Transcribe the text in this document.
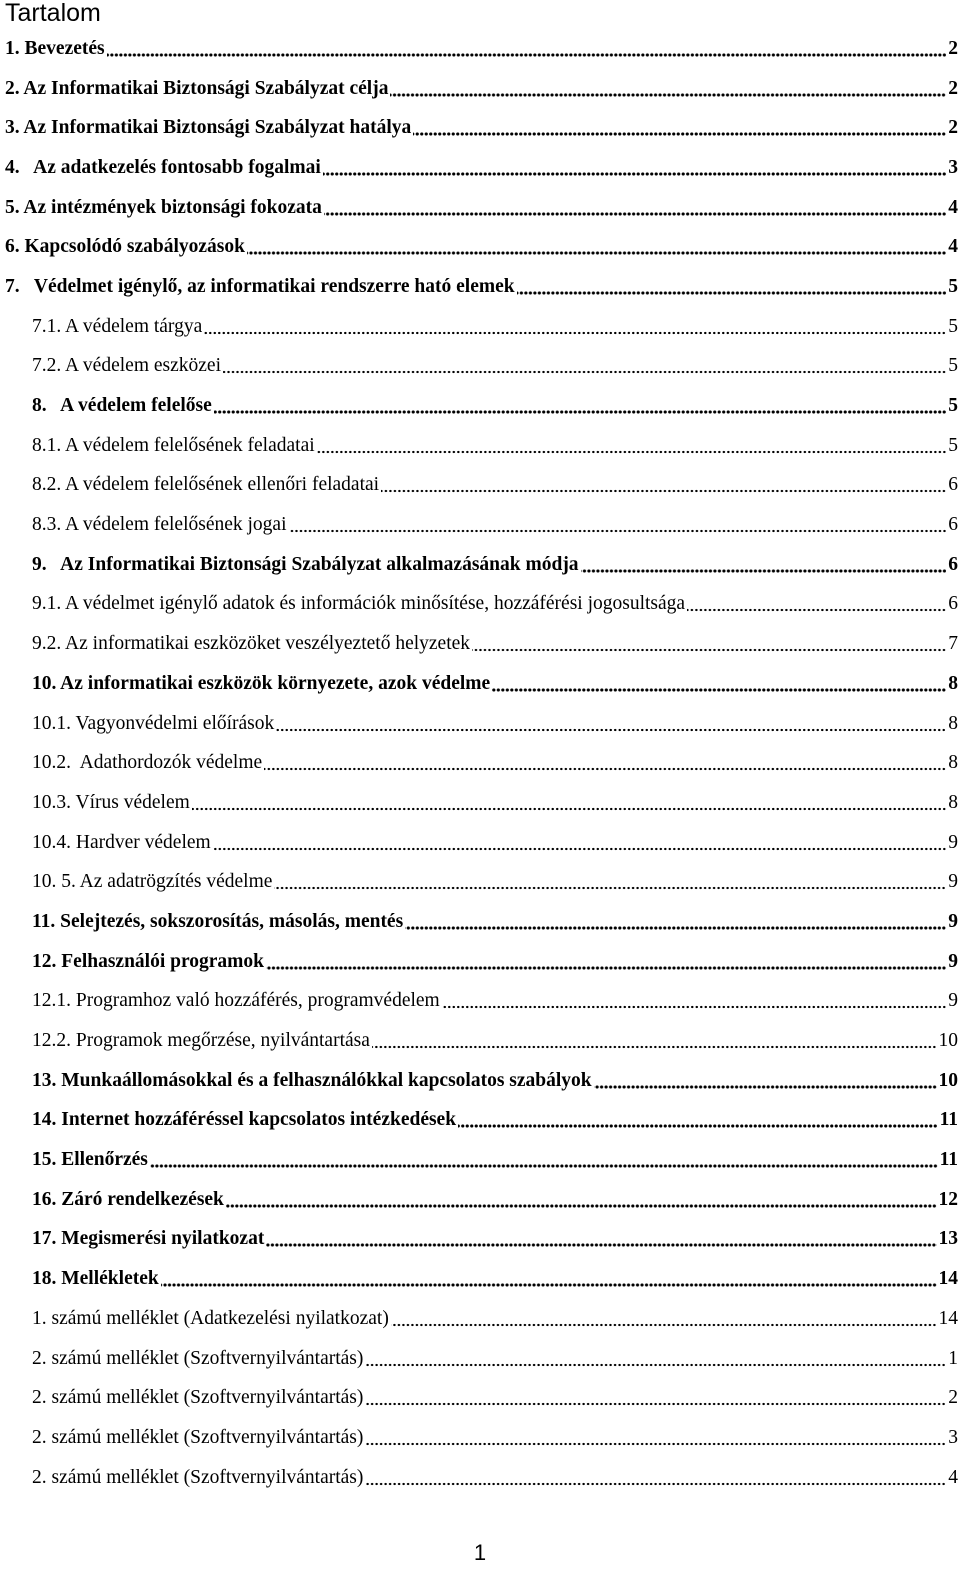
Tartalom
1. Bevezetés	2
2. Az Informatikai Biztonsági Szabályzat célja	2
3. Az Informatikai Biztonsági Szabályzat hatálya	2
4.   Az adatkezelés fontosabb fogalmai	3
5. Az intézmények biztonsági fokozata	4
6. Kapcsolódó szabályozások	4
7.   Védelmet igénylő, az informatikai rendszerre ható elemek	5
7.1. A védelem tárgya	5
7.2. A védelem eszközei	5
8.   A védelem felelőse	5
8.1. A védelem felelősének feladatai	5
8.2. A védelem felelősének ellenőri feladatai	6
8.3. A védelem felelősének jogai	6
9.   Az Informatikai Biztonsági Szabályzat alkalmazásának módja	6
9.1. A védelmet igénylő adatok és információk minősítése, hozzáférési jogosultsága	6
9.2. Az informatikai eszközöket veszélyeztető helyzetek	7
10. Az informatikai eszközök környezete, azok védelme	8
10.1. Vagyonvédelmi előírások	8
10.2.  Adathordozók védelme	8
10.3. Vírus védelem	8
10.4. Hardver védelem	9
10. 5. Az adatrögzítés védelme	9
11. Selejtezés, sokszorosítás, másolás, mentés	9
12. Felhasználói programok	9
12.1. Programhoz való hozzáférés, programvédelem	9
12.2. Programok megőrzése, nyilvántartása	10
13. Munkaállomásokkal és a felhasználókkal kapcsolatos szabályok	10
14. Internet hozzáféréssel kapcsolatos intézkedések	11
15. Ellenőrzés	11
16. Záró rendelkezések	12
17. Megismerési nyilatkozat	13
18. Mellékletek	14
1. számú melléklet (Adatkezelési nyilatkozat)	14
2. számú melléklet (Szoftvernyilvántartás)	1
2. számú melléklet (Szoftvernyilvántartás)	2
2. számú melléklet (Szoftvernyilvántartás)	3
2. számú melléklet (Szoftvernyilvántartás)	4
1
